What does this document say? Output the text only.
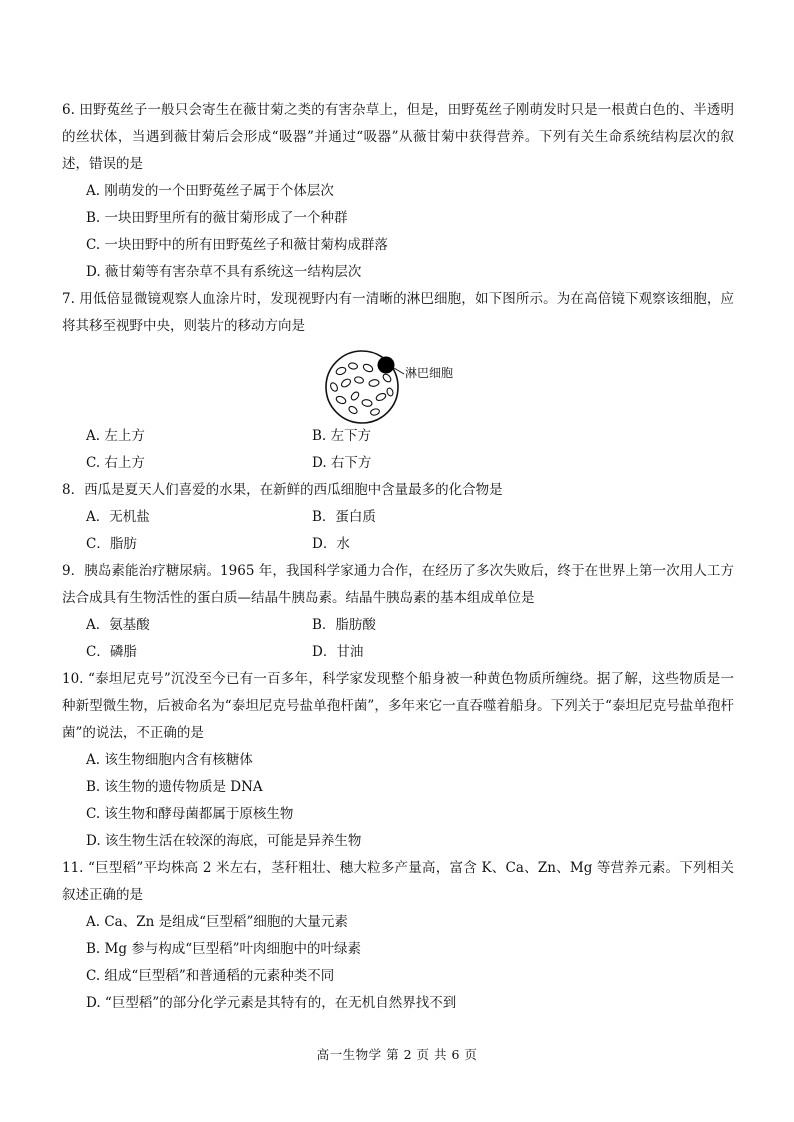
6. 田野菟丝子一般只会寄生在薇甘菊之类的有害杂草上，但是，田野菟丝子刚萌发时只是一根黄白色的、半透明的丝状体，当遇到薇甘菊后会形成“吸器”并通过“吸器”从薇甘菊中获得营养。下列有关生命系统结构层次的叙述，错误的是

A. 刚萌发的一个田野菟丝子属于个体层次

B. 一块田野里所有的薇甘菊形成了一个种群

C. 一块田野中的所有田野菟丝子和薇甘菊构成群落

D. 薇甘菊等有害杂草不具有系统这一结构层次

7. 用低倍显微镜观察人血涂片时，发现视野内有一清晰的淋巴细胞，如下图所示。为在高倍镜下观察该细胞，应将其移至视野中央，则装片的移动方向是

淋巴细胞
A. 左上方	B. 左下方
C. 右上方	D. 右下方

8．西瓜是夏天人们喜爱的水果，在新鲜的西瓜细胞中含量最多的化合物是

A．无机盐	B．蛋白质
C．脂肪	D．水

9．胰岛素能治疗糖尿病。1965 年，我国科学家通力合作，在经历了多次失败后，终于在世界上第一次用人工方法合成具有生物活性的蛋白质—结晶牛胰岛素。结晶牛胰岛素的基本组成单位是

A．氨基酸	B．脂肪酸
C．磷脂	D．甘油

10. “泰坦尼克号”沉没至今已有一百多年，科学家发现整个船身被一种黄色物质所缠绕。据了解，这些物质是一种新型微生物，后被命名为“泰坦尼克号盐单孢杆菌”，多年来它一直吞噬着船身。下列关于“泰坦尼克号盐单孢杆菌”的说法，不正确的是

A. 该生物细胞内含有核糖体

B. 该生物的遗传物质是 DNA

C. 该生物和酵母菌都属于原核生物

D. 该生物生活在较深的海底，可能是异养生物

11. “巨型稻”平均株高 2 米左右，茎秆粗壮、穗大粒多产量高，富含 K、Ca、Zn、Mg 等营养元素。下列相关叙述正确的是

A. Ca、Zn 是组成“巨型稻”细胞的大量元素

B. Mg 参与构成“巨型稻”叶肉细胞中的叶绿素

C. 组成“巨型稻”和普通稻的元素种类不同

D. “巨型稻”的部分化学元素是其特有的，在无机自然界找不到

高一生物学 第 2 页 共 6 页
